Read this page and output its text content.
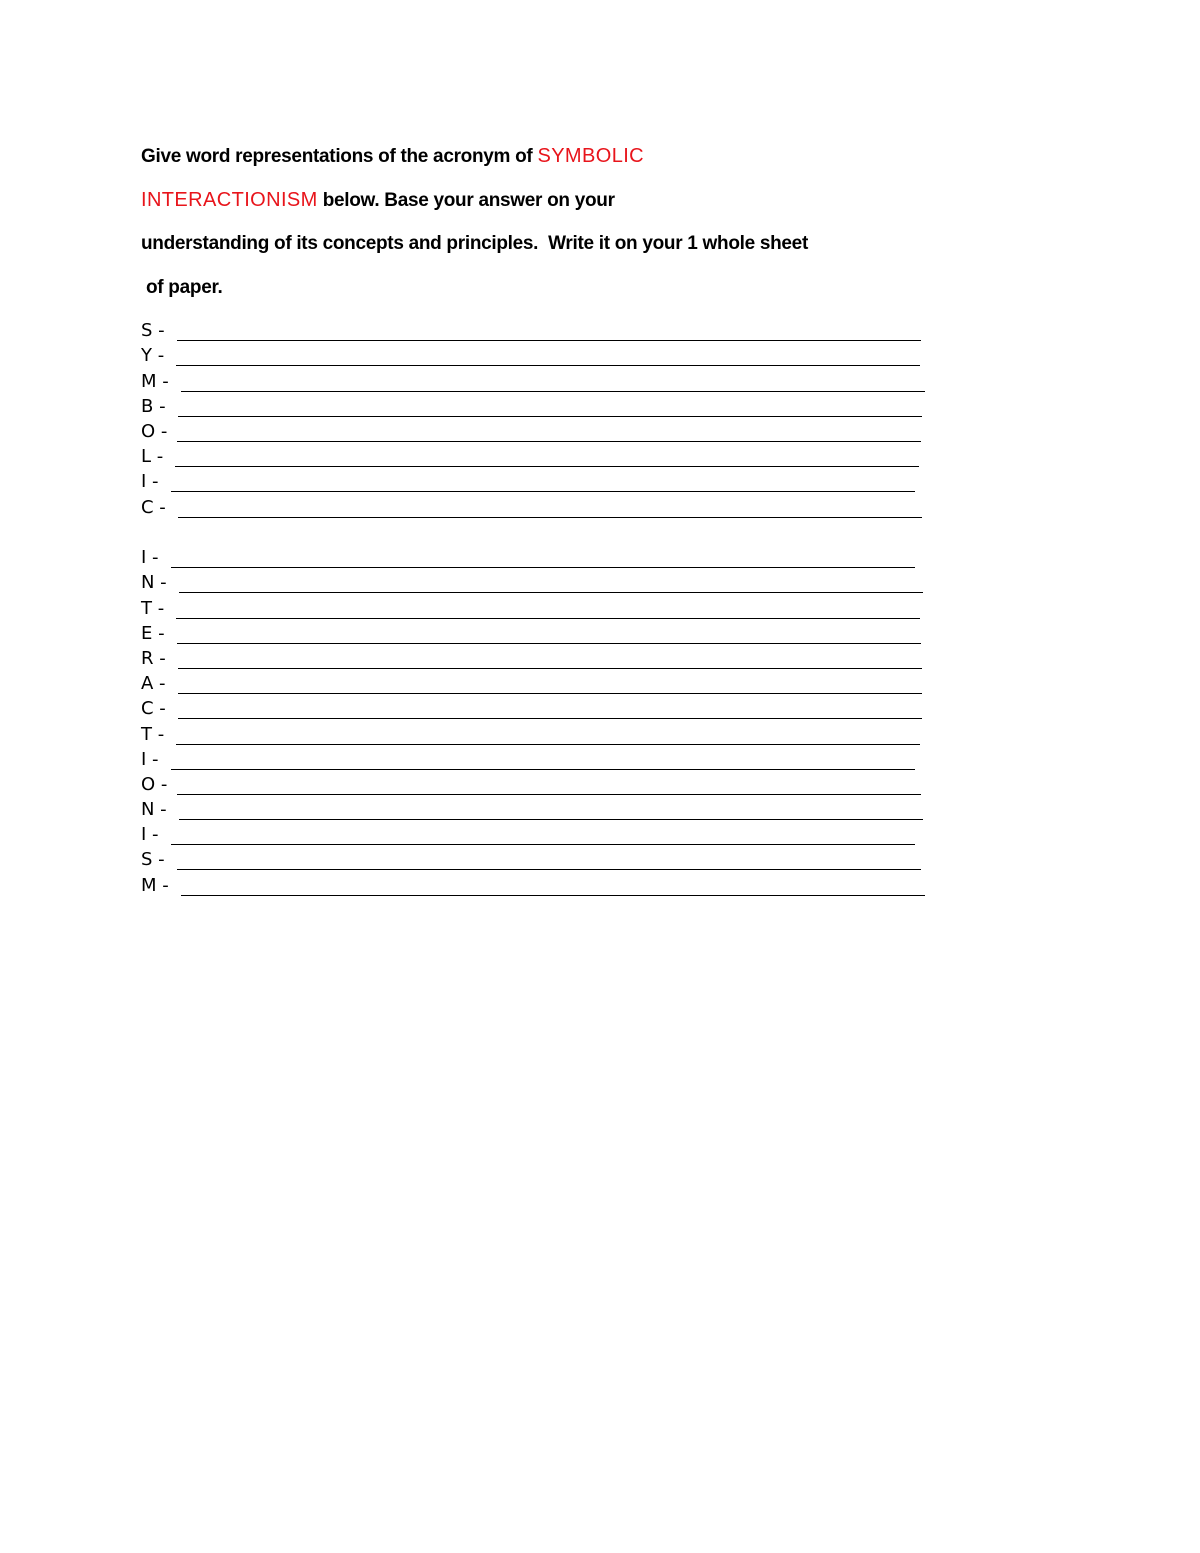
Give word representations of the acronym of SYMBOLIC
INTERACTIONISM below. Base your answer on your
understanding of its concepts and principles.  Write it on your 1 whole sheet
of paper.
S -
Y -
M -
B -
O -
L -
I -
C -
I -
N -
T -
E -
R -
A -
C -
T -
I -
O -
N -
I -
S -
M -
